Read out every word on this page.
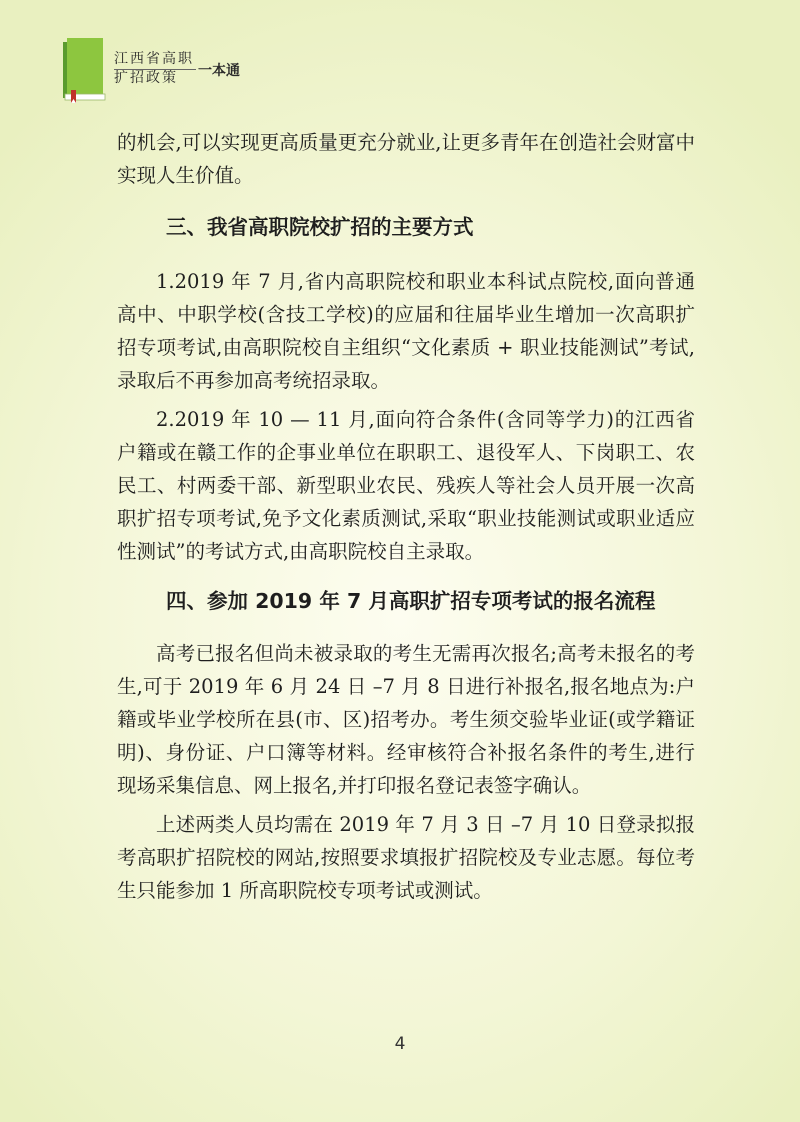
江西省高职
扩招政策	一本通

的机会,可以实现更高质量更充分就业,让更多青年在创造社会财富中实现人生价值。

三、我省高职院校扩招的主要方式

1.2019 年 7 月,省内高职院校和职业本科试点院校,面向普通高中、中职学校(含技工学校)的应届和往届毕业生增加一次高职扩招专项考试,由高职院校自主组织“文化素质 + 职业技能测试”考试,录取后不再参加高考统招录取。

2.2019 年 10 — 11 月,面向符合条件(含同等学力)的江西省户籍或在赣工作的企事业单位在职职工、退役军人、下岗职工、农民工、村两委干部、新型职业农民、残疾人等社会人员开展一次高职扩招专项考试,免予文化素质测试,采取“职业技能测试或职业适应性测试”的考试方式,由高职院校自主录取。

四、参加 2019 年 7 月高职扩招专项考试的报名流程

高考已报名但尚未被录取的考生无需再次报名;高考未报名的考生,可于 2019 年 6 月 24 日 –7 月 8 日进行补报名,报名地点为:户籍或毕业学校所在县(市、区)招考办。考生须交验毕业证(或学籍证明)、身份证、户口簿等材料。经审核符合补报名条件的考生,进行现场采集信息、网上报名,并打印报名登记表签字确认。

上述两类人员均需在 2019 年 7 月 3 日 –7 月 10 日登录拟报考高职扩招院校的网站,按照要求填报扩招院校及专业志愿。每位考生只能参加 1 所高职院校专项考试或测试。

4
